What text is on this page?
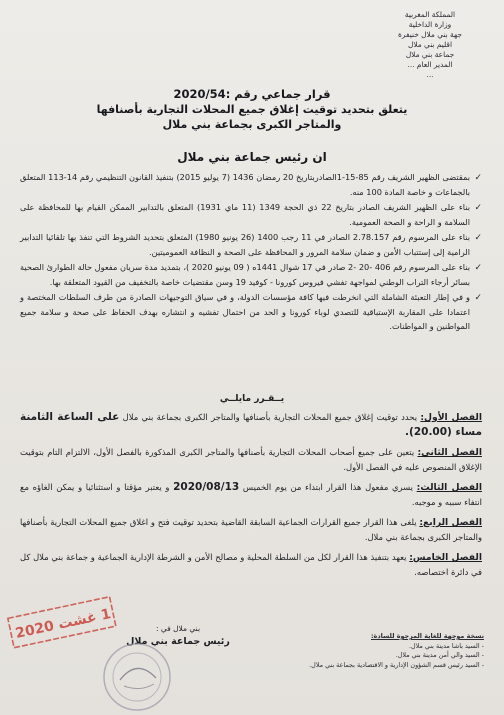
المملكة المغربية
وزارة الداخلية
جهة بني ملال خنيفرة
اقليم بني ملال
جماعة بني ملال
المدير العام ...
...
قرار جماعي رقم :2020/54
يتعلق بتحديد توقيت إغلاق جميع المحلات التجارية بأصنافها
والمتاجر الكبرى بجماعة بني ملال
ان رئيس جماعة بني ملال
✓
بمقتضى الظهير الشريف رقم 85-15-1الصادربتاريخ 20 رمضان 1436 (7 يوليو 2015) بتنفيذ القانون التنظيمي رقم 14-113 المتعلق بالجماعات و خاصة المادة 100 منه.
✓
بناء على الظهير الشريف الصادر بتاريخ 22 ذي الحجة 1349 (11 ماي 1931) المتعلق بالتدابير الممكن القيام بها للمحافظة على السلامة و الراحة و الصحة العمومية.
✓
بناء على المرسوم رقم 2.78.157 الصادر في 11 رجب 1400 (26 يونيو 1980) المتعلق بتحديد الشروط التي تنفذ بها تلقائيا التدابير الرامية إلى إستتباب الأمن و ضمان سلامة المرور و المحافظة على الصحة و النظافة العموميتين.
✓
بناء على المرسوم رقم 406 -20 -2 صادر في 17 شوال 1441ه ( 09 يونيو 2020 )، بتمديد مدة سريان مفعول حالة الطوارئ الصحية بسائر أرجاء التراب الوطني لمواجهة تفشي فيروس كورونا - كوفيد 19 وسن مقتضيات خاصة بالتخفيف من القيود المتعلقة بها.
✓
و في إطار التعبئة الشاملة التي انخرطت فيها كافة مؤسسات الدولة، و في سياق التوجيهات الصادرة من طرف السلطات المختصة و اعتمادا على المقاربة الإستباقية للتصدي لوباء كورونا و الحد من احتمال تفشيه و انتشاره بهدف الحفاظ على صحة و سلامة جميع المواطنين و المواطنات.
يــقـرر مايلــي
الفصل الأول: يحدد توقيت إغلاق جميع المحلات التجارية بأصنافها والمتاجر الكبرى بجماعة بني ملال على الساعة الثامنة مساء (20.00).
الفصل الثاني: يتعين على جميع أصحاب المحلات التجارية بأصنافها والمتاجر الكبرى المذكورة بالفصل الأول، الالتزام التام بتوقيت الإغلاق المنصوص عليه في الفصل الأول.
الفصل الثالث: يسري مفعول هذا القرار ابتداء من يوم الخميس 2020/08/13 و يعتبر مؤقتا و استثنائيا و يمكن الغاؤه مع انتفاء سببه و موجبه.
الفصل الرابع: يلغى هذا القرار جميع القرارات الجماعية السابقة القاضية بتحديد توقيت فتح و اغلاق جميع المحلات التجارية بأصنافها والمتاجر الكبرى بجماعة بني ملال.
الفصل الخامس: يعهد بتنفيذ هذا القرار لكل من السلطة المحلية و مصالح الأمن و الشرطة الإدارية الجماعية و جماعة بني ملال كل في دائرة اختصاصه.
بني ملال في :
رئيس جماعة بني ملال	نسخة موجهة للغاية المرجوة للسادة:
- السيد باشا مدينة بني ملال.
- السيد والي أمن مدينة بني ملال.
- السيد رئيس قسم الشؤون الإدارية و الاقتصادية بجماعة بني ملال.
1 غشت 2020
